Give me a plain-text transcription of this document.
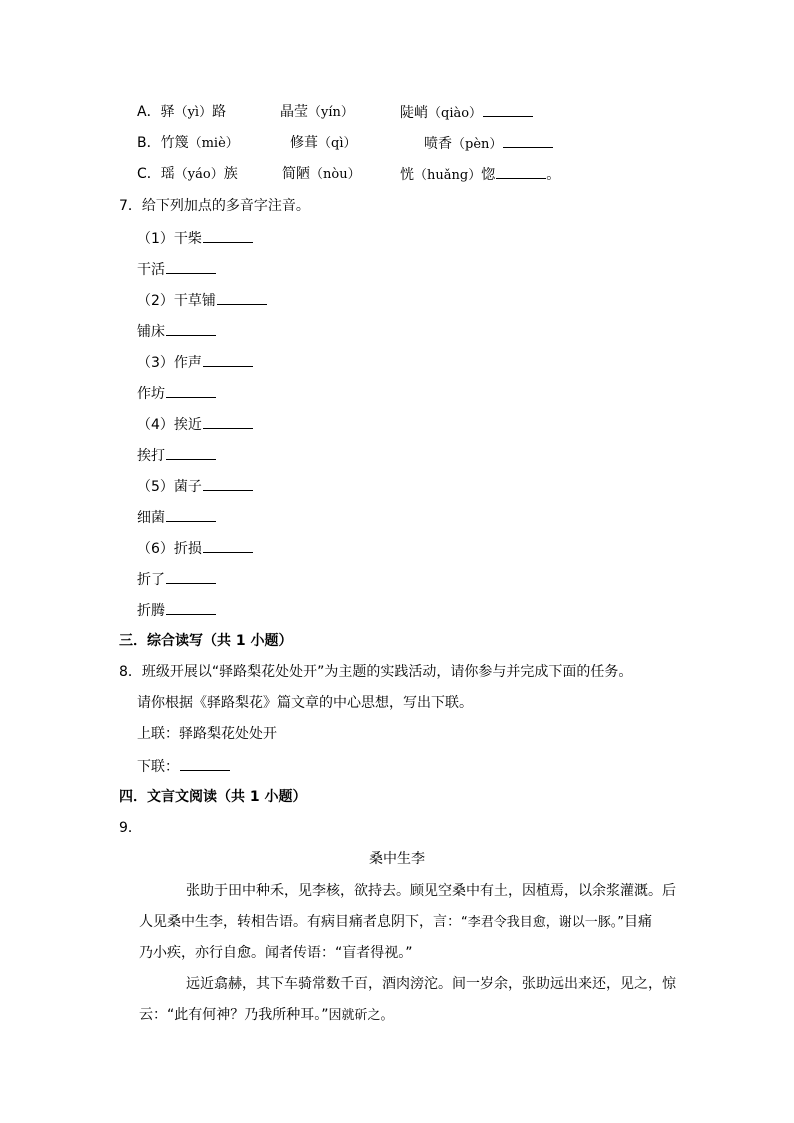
A．驿（yì）路	晶莹（yín）	陡峭（qiào）
B．竹篾（miè）	修葺（qì）	喷香（pèn）
C．瑶（yáo）族	简陋（nòu）	恍（huǎng）惚	。
7．给下列加点的多音字注音。
（1）干柴
干活
（2）干草铺
铺床
（3）作声
作坊
（4）挨近
挨打
（5）菌子
细菌
（6）折损
折了
折腾
三．综合读写（共 1 小题）
8．班级开展以“驿路梨花处处开”为主题的实践活动，请你参与并完成下面的任务。
请你根据《驿路梨花》篇文章的中心思想，写出下联。
上联：驿路梨花处处开
下联：
四．文言文阅读（共 1 小题）
9．
桑中生李
张助于田中种禾，见李核，欲持去。顾见空桑中有土，因植焉，以余浆灌溉。后
人见桑中生李，转相告语。有病目痛者息阴下，言：“李君令我目愈，谢以一豚。”目痛
乃小疾，亦行自愈。闻者传语：“盲者得视。”
远近翕赫，其下车骑常数千百，酒肉滂沱。间一岁余，张助远出来还，见之，惊
云：“此有何神？乃我所种耳。”因就斫之。
